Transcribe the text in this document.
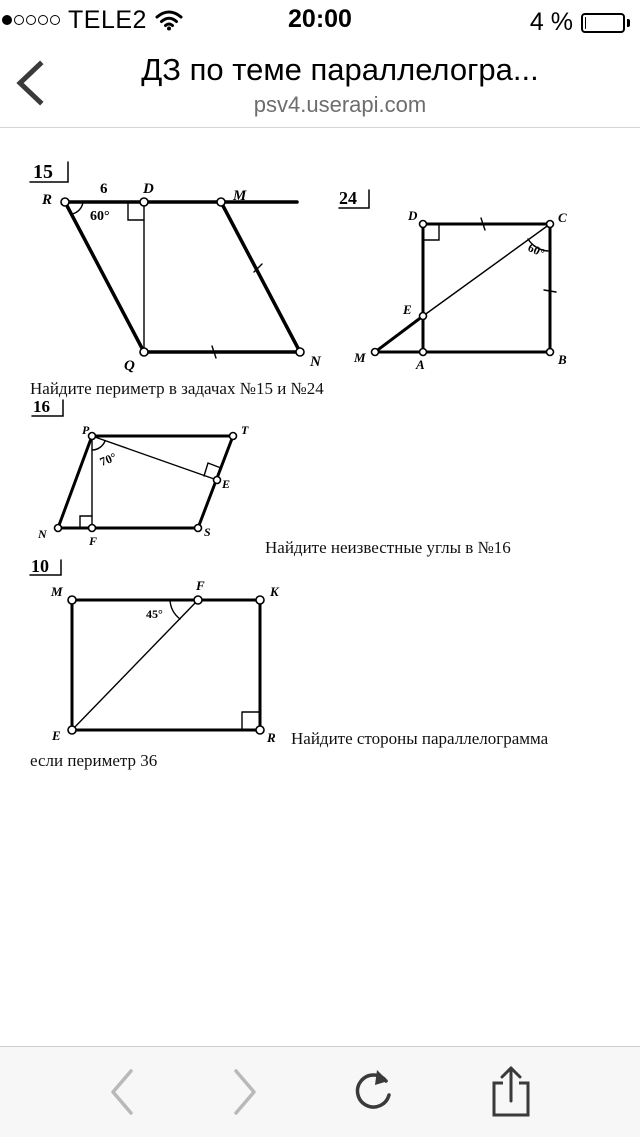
TELE2	20:00	4 %
ДЗ по теме параллелогра...
psv4.userapi.com
15
R
D	M
Q	N
6
60°
24
D	C
E
M	A	B
60°
16
P	T
E
N	F
S
70°
10
M	F	K
E	R
45°
Найдите периметр в задачах №15 и №24
Найдите неизвестные углы в №16
Найдите стороны параллелограмма
если периметр 36
